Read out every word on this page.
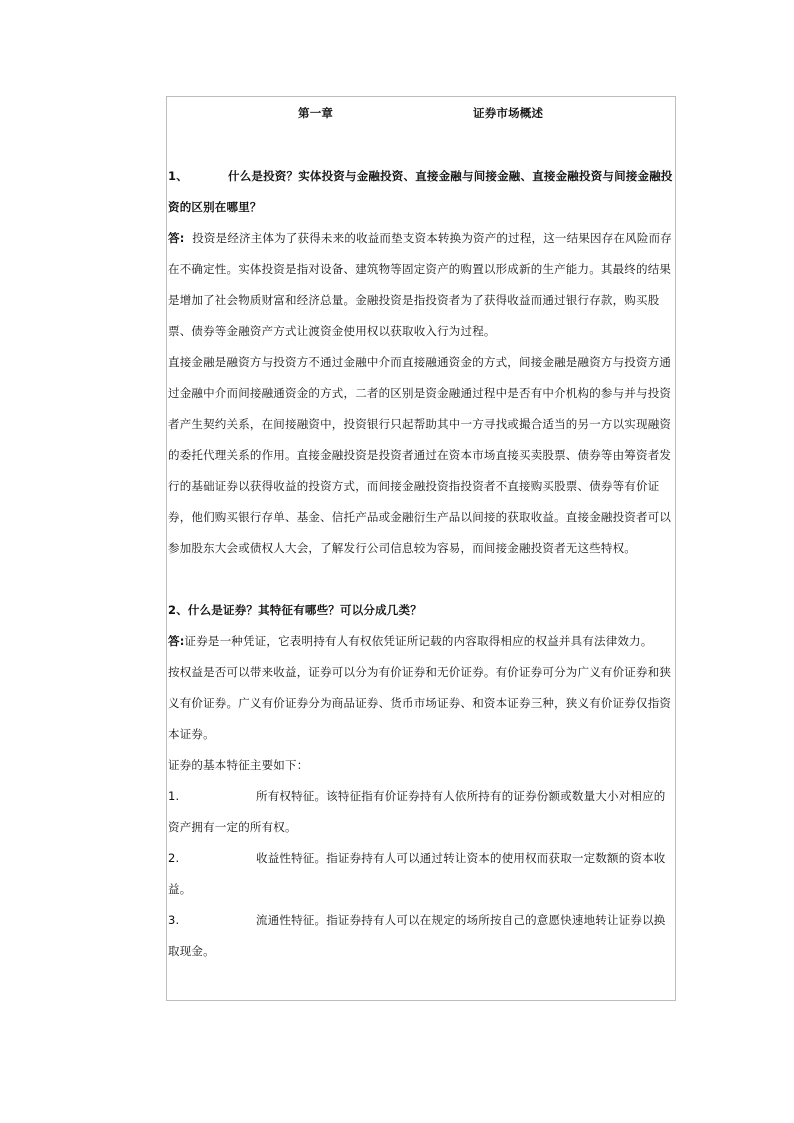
第一章	证券市场概述

1、	什么是投资？实体投资与金融投资、直接金融与间接金融、直接金融投资与间接金融投资的区别在哪里？

答: 投资是经济主体为了获得未来的收益而垫支资本转换为资产的过程，这一结果因存在风险而存在不确定性。实体投资是指对设备、建筑物等固定资产的购置以形成新的生产能力。其最终的结果是增加了社会物质财富和经济总量。金融投资是指投资者为了获得收益而通过银行存款，购买股票、债券等金融资产方式让渡资金使用权以获取收入行为过程。

直接金融是融资方与投资方不通过金融中介而直接融通资金的方式，间接金融是融资方与投资方通过金融中介而间接融通资金的方式，二者的区别是资金融通过程中是否有中介机构的参与并与投资者产生契约关系，在间接融资中，投资银行只起帮助其中一方寻找或撮合适当的另一方以实现融资的委托代理关系的作用。直接金融投资是投资者通过在资本市场直接买卖股票、债券等由筹资者发行的基础证券以获得收益的投资方式，而间接金融投资指投资者不直接购买股票、债券等有价证券，他们购买银行存单、基金、信托产品或金融衍生产品以间接的获取收益。直接金融投资者可以参加股东大会或债权人大会，了解发行公司信息较为容易，而间接金融投资者无这些特权。

2、什么是证券？其特征有哪些？可以分成几类？

答:证券是一种凭证，它表明持有人有权依凭证所记载的内容取得相应的权益并具有法律效力。

按权益是否可以带来收益，证券可以分为有价证券和无价证券。有价证券可分为广义有价证券和狭义有价证券。广义有价证券分为商品证券、货币市场证券、和资本证券三种，狭义有价证券仅指资本证券。

证券的基本特征主要如下：

1.	所有权特征。该特征指有价证券持有人依所持有的证券份额或数量大小对相应的资产拥有一定的所有权。

2.	收益性特征。指证券持有人可以通过转让资本的使用权而获取一定数额的资本收益。

3.	流通性特征。指证券持有人可以在规定的场所按自己的意愿快速地转让证券以换取现金。
